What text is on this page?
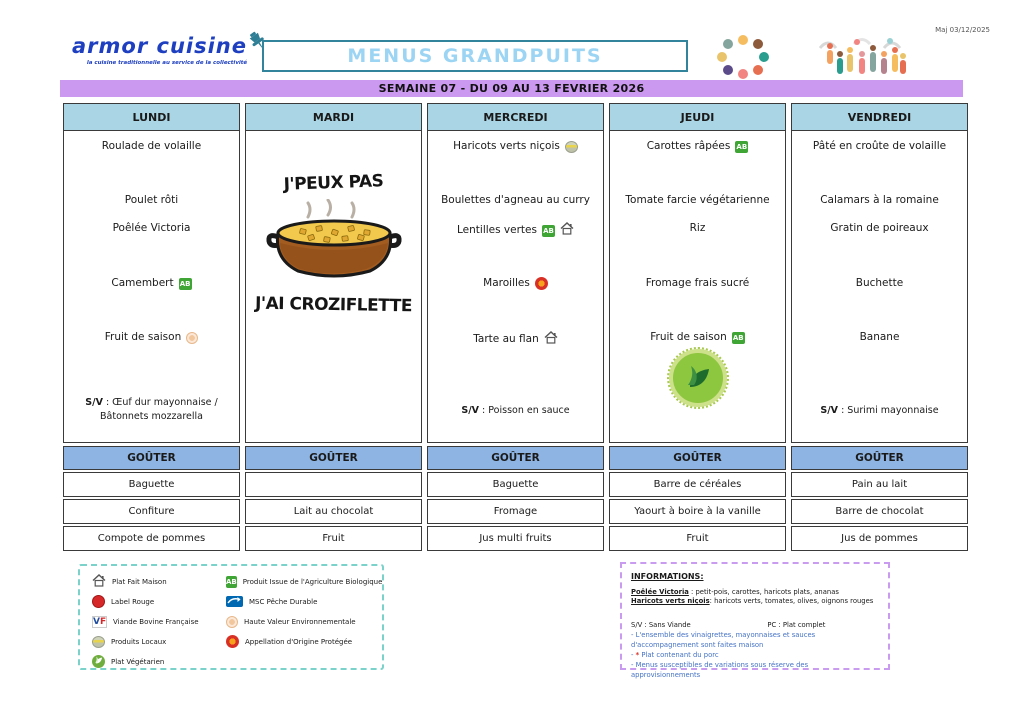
armor cuisine
la cuisine traditionnelle au service de la collectivité	MENUS GRANDPUITS
Maj 03/12/2025
SEMAINE 07 - DU 09 AU 13 FEVRIER 2026
LUNDI
Roulade de volaille
Poulet rôti
Poêlée Victoria
Camembert AB
Fruit de saison
S/V : Œuf dur mayonnaise / Bâtonnets mozzarella
GOÛTER
Baguette
Confiture
Compote de pommes
MARDI
J'PEUX PAS
J'AI CROZIFLETTE
GOÛTER
Lait au chocolat
Fruit
MERCREDI
Haricots verts niçois
Boulettes d'agneau au curry
Lentilles vertes AB
Maroilles
Tarte au flan
S/V : Poisson en sauce
GOÛTER
Baguette
Fromage
Jus multi fruits
JEUDI
Carottes râpées AB
Tomate farcie végétarienne
Riz
Fromage frais sucré
Fruit de saison AB
GOÛTER
Barre de céréales
Yaourt à boire à la vanille
Fruit
VENDREDI
Pâté en croûte de volaille
Calamars à la romaine
Gratin de poireaux
Buchette
Banane
S/V : Surimi mayonnaise
GOÛTER
Pain au lait
Barre de chocolat
Jus de pommes
Plat Fait Maison
Label Rouge
VF Viande Bovine Française
Produits Locaux
Plat Végétarien
AB Produit Issue de l'Agriculture Biologique
MSC Pêche Durable
Haute Valeur Environnementale
Appellation d'Origine Protégée
INFORMATIONS:
Poêlée Victoria : petit-pois, carottes, haricots plats, ananas
Haricots verts niçois: haricots verts, tomates, olives, oignons rouges
S/V : Sans Viande	PC : Plat complet
- L'ensemble des vinaigrettes, mayonnaises et sauces d'accompagnement sont faites maison
- * Plat contenant du porc
- Menus susceptibles de variations sous réserve des approvisionnements
